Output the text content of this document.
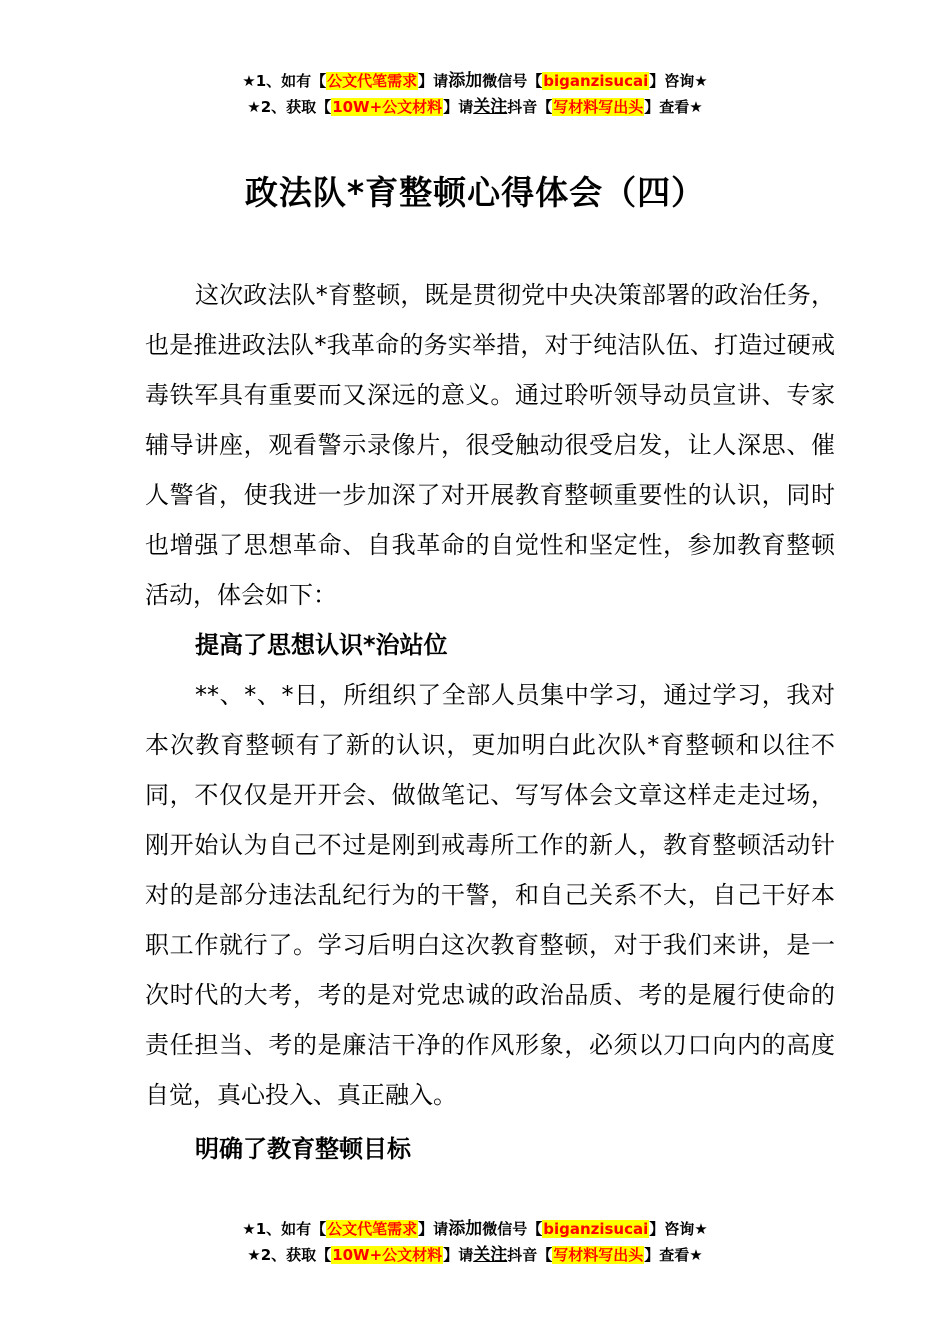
★1、如有【公文代笔需求】请添加微信号【biganzisucai】咨询★
★2、获取【10W+公文材料】请关注抖音【写材料写出头】查看★
政法队*育整顿心得体会（四）

这次政法队*育整顿，既是贯彻党中央决策部署的政治任务，也是推进政法队*我革命的务实举措，对于纯洁队伍、打造过硬戒毒铁军具有重要而又深远的意义。通过聆听领导动员宣讲、专家辅导讲座，观看警示录像片，很受触动很受启发，让人深思、催人警省，使我进一步加深了对开展教育整顿重要性的认识，同时也增强了思想革命、自我革命的自觉性和坚定性，参加教育整顿活动，体会如下：

提高了思想认识*治站位

**、*、*日，所组织了全部人员集中学习，通过学习，我对本次教育整顿有了新的认识，更加明白此次队*育整顿和以往不同，不仅仅是开开会、做做笔记、写写体会文章这样走走过场，刚开始认为自己不过是刚到戒毒所工作的新人，教育整顿活动针对的是部分违法乱纪行为的干警，和自己关系不大，自己干好本职工作就行了。学习后明白这次教育整顿，对于我们来讲，是一次时代的大考，考的是对党忠诚的政治品质、考的是履行使命的责任担当、考的是廉洁干净的作风形象，必须以刀口向内的高度自觉，真心投入、真正融入。

明确了教育整顿目标

★1、如有【公文代笔需求】请添加微信号【biganzisucai】咨询★
★2、获取【10W+公文材料】请关注抖音【写材料写出头】查看★
